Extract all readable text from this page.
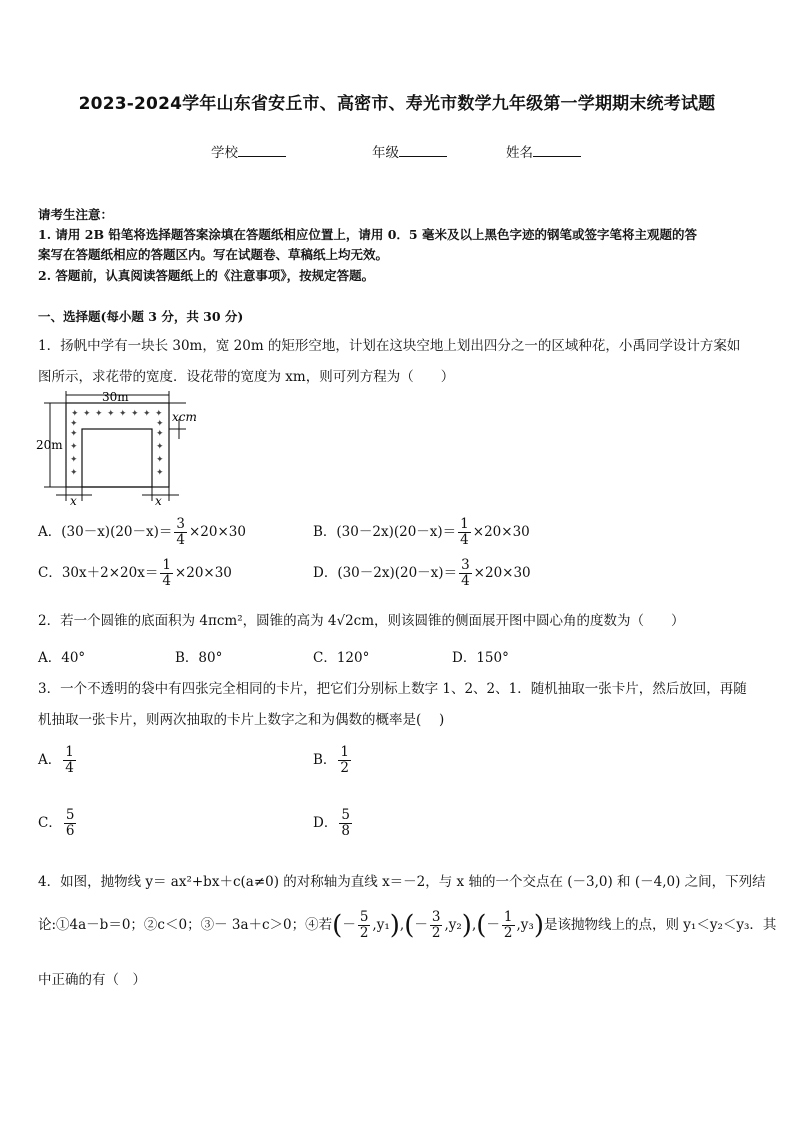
2023-2024学年山东省安丘市、高密市、寿光市数学九年级第一学期期末统考试题
学校	年级	姓名
请考生注意：
1. 请用 2B 铅笔将选择题答案涂填在答题纸相应位置上，请用 0．5 毫米及以上黑色字迹的钢笔或签字笔将主观题的答
案写在答题纸相应的答题区内。写在试题卷、草稿纸上均无效。
2. 答题前，认真阅读答题纸上的《注意事项》，按规定答题。
一、选择题(每小题 3 分，共 30 分)
1．扬帆中学有一块长 30m，宽 20m 的矩形空地，计划在这块空地上划出四分之一的区域种花，小禹同学设计方案如
图所示，求花带的宽度．设花带的宽度为 xm，则可列方程为（　　）
✦ ✦ ✦ ✦ ✦ ✦ ✦ ✦
✦
✦
✦
✦
✦
✦
✦
✦
✦	✦
30m
20m
xcm
x	x
A．$(30-x)(20-x)= \frac{3}{4} \times 20\times 30$	B．$(30-2x)(20-x)= \frac{1}{4} \times 20\times 30$
C．$30x+2\times 20x= \frac{1}{4} \times 20\times 30$	D．$(30-2x)(20-x)= \frac{3}{4} \times 20\times 30$
2．若一个圆锥的底面积为 4πcm²，圆锥的高为 4√2cm，则该圆锥的侧面展开图中圆心角的度数为（　　）
A．40°	B．80°	C．120°	D．150°
3．一个不透明的袋中有四张完全相同的卡片，把它们分别标上数字 1、2、2、1．随机抽取一张卡片，然后放回，再随
机抽取一张卡片，则两次抽取的卡片上数字之和为偶数的概率是(　 )
A． $\frac{1}{4}$	B． $\frac{1}{2}$
C． $\frac{5}{6}$	D． $\frac{5}{8}$
4．如图，抛物线 y＝ ax²+bx＋c(a≠0) 的对称轴为直线 x＝－2，与 x 轴的一个交点在 (－3,0) 和 (－4,0) 之间，下列结
论:①4a－b＝0；②c＜0；③－ 3a＋c＞0；④若(－ $\frac{5}{2} ,y_1),(- \frac{3}{2} ,y_2),(- \frac{1}{2} ,y_3)$是该抛物线上的点，则 y₁＜y₂＜y₃．其
中正确的有（　）
